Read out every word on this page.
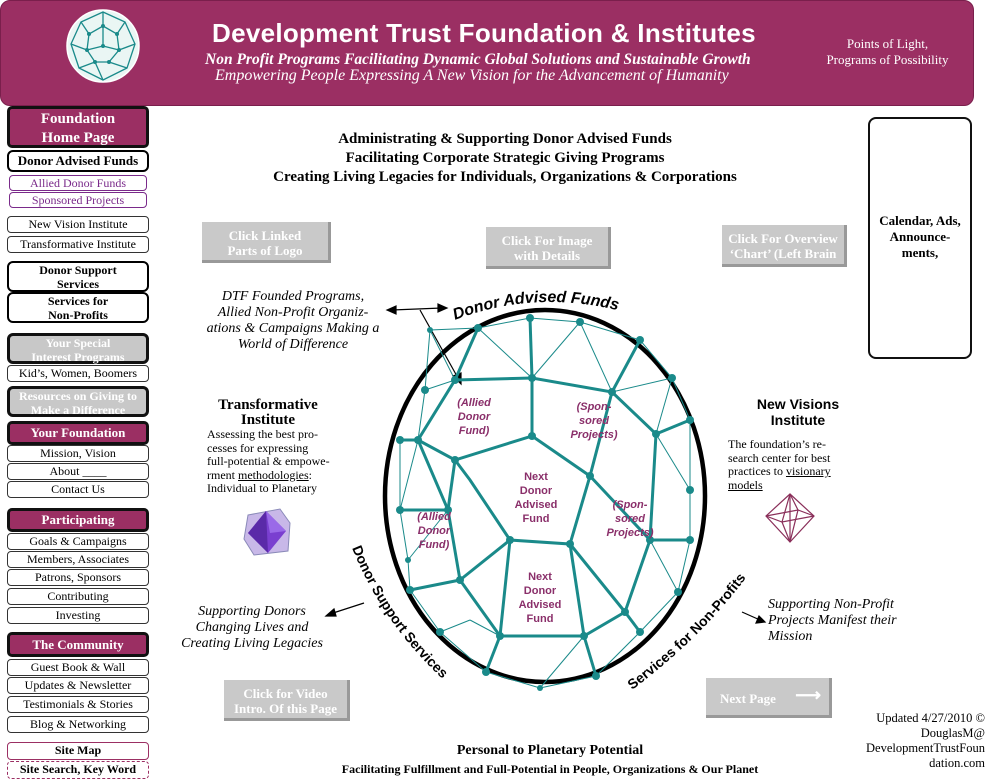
Development Trust Foundation & Institutes
Non Profit Programs Facilitating Dynamic Global Solutions and Sustainable Growth
Empowering People Expressing A New Vision for the Advancement of Humanity
Points of Light,
Programs of Possibility
Foundation
Home Page
Donor Advised Funds
Allied Donor Funds
Sponsored Projects
New Vision Institute
Transformative Institute
Donor Support
Services
Services for
Non-Profits
Your Special
Interest Programs
Kid’s, Women, Boomers
Resources on Giving to
Make a Difference
Your Foundation
Mission, Vision
About ____
Contact Us
Participating
Goals & Campaigns
Members, Associates
Patrons, Sponsors
Contributing
Investing
The Community
Guest Book & Wall
Updates & Newsletter
Testimonials & Stories
Blog & Networking
Site Map
Site Search, Key Word
Administrating & Supporting Donor Advised Funds
Facilitating Corporate Strategic Giving Programs
Creating Living Legacies for Individuals, Organizations & Corporations
Click Linked
Parts of Logo
Click For Image
with Details
Click For Overview
‘Chart’ (Left Brain
Calendar, Ads, Announce-ments,
DTF Founded Programs,
Allied Non-Profit Organiz-
ations & Campaigns Making a
World of Difference
Transformative
Institute
Assessing the best pro-
cesses for expressing
full-potential & empowe-
rment methodologies:
Individual to Planetary
New Visions
Institute
The foundation’s re-
search center for best
practices to visionary
models
Supporting Donors
Changing Lives and
Creating Living Legacies
Supporting Non-Profit
Projects Manifest their
Mission
Donor Advised Funds
Donor Support Services
Services for Non-Profits
(Allied
Donor
Fund)
(Spon-
sored
Projects)
Next
Donor
Advised
Fund
(Allied
Donor
Fund)
(Spon-
sored
Projects)
Next
Donor
Advised
Fund
Click for Video
Intro. Of this Page
Next Page ⟶
Updated 4/27/2010 ©
DouglasM@
DevelopmentTrustFoun
dation.com
Personal to Planetary Potential
Facilitating Fulfillment and Full-Potential in People, Organizations & Our Planet
